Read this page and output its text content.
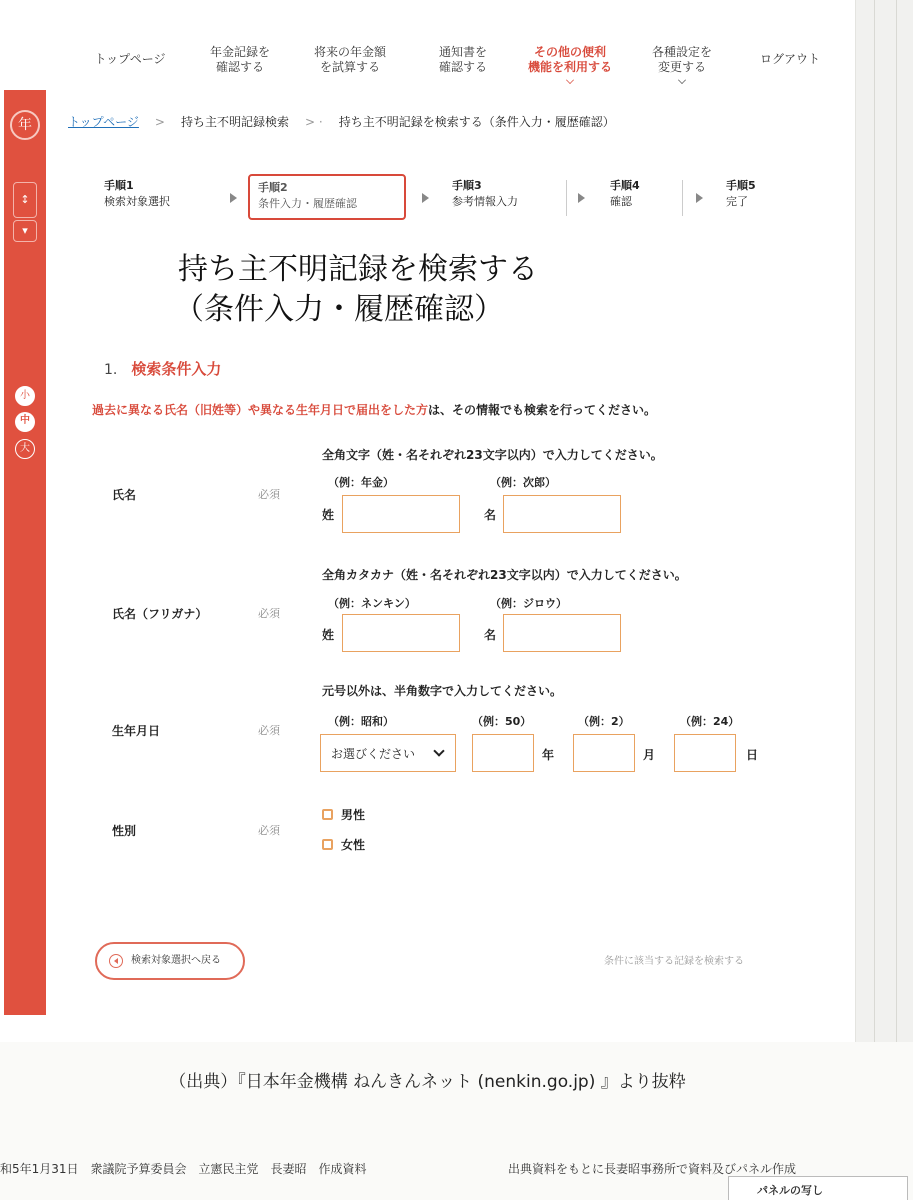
トップページ	年金記録を
確認する
将来の年金額
を試算する
通知書を
確認する
その他の便利
機能を利用する
各種設定を
変更する
ログアウト
年
↕
▾
小
中
大
トップページ > 持ち主不明記録検索 > · 持ち主不明記録を検索する（条件入力・履歴確認）
手順1
検索対象選択
手順2
条件入力・履歴確認
手順3
参考情報入力
手順4
確認
手順5
完了
持ち主不明記録を検索する
（条件入力・履歴確認）
1. 検索条件入力
過去に異なる氏名（旧姓等）や異なる生年月日で届出をした方は、その情報でも検索を行ってください。
全角文字（姓・名それぞれ23文字以内）で入力してください。
氏名	必須
（例：年金）	（例：次郎）
姓	名
全角カタカナ（姓・名それぞれ23文字以内）で入力してください。
氏名（フリガナ）	必須
（例：ネンキン）	（例：ジロウ）
姓	名
元号以外は、半角数字で入力してください。
生年月日	必須
（例：昭和）	（例：50）	（例：2）	（例：24）
お選びください	年	月	日
性別	必須
男性
女性
検索対象選択へ戻る	条件に該当する記録を検索する
（出典）『日本年金機構 ねんきんネット (nenkin.go.jp) 』より抜粋
和5年1月31日　衆議院予算委員会　立憲民主党　長妻昭　作成資料	出典資料をもとに長妻昭事務所で資料及びパネル作成
パネルの写し
